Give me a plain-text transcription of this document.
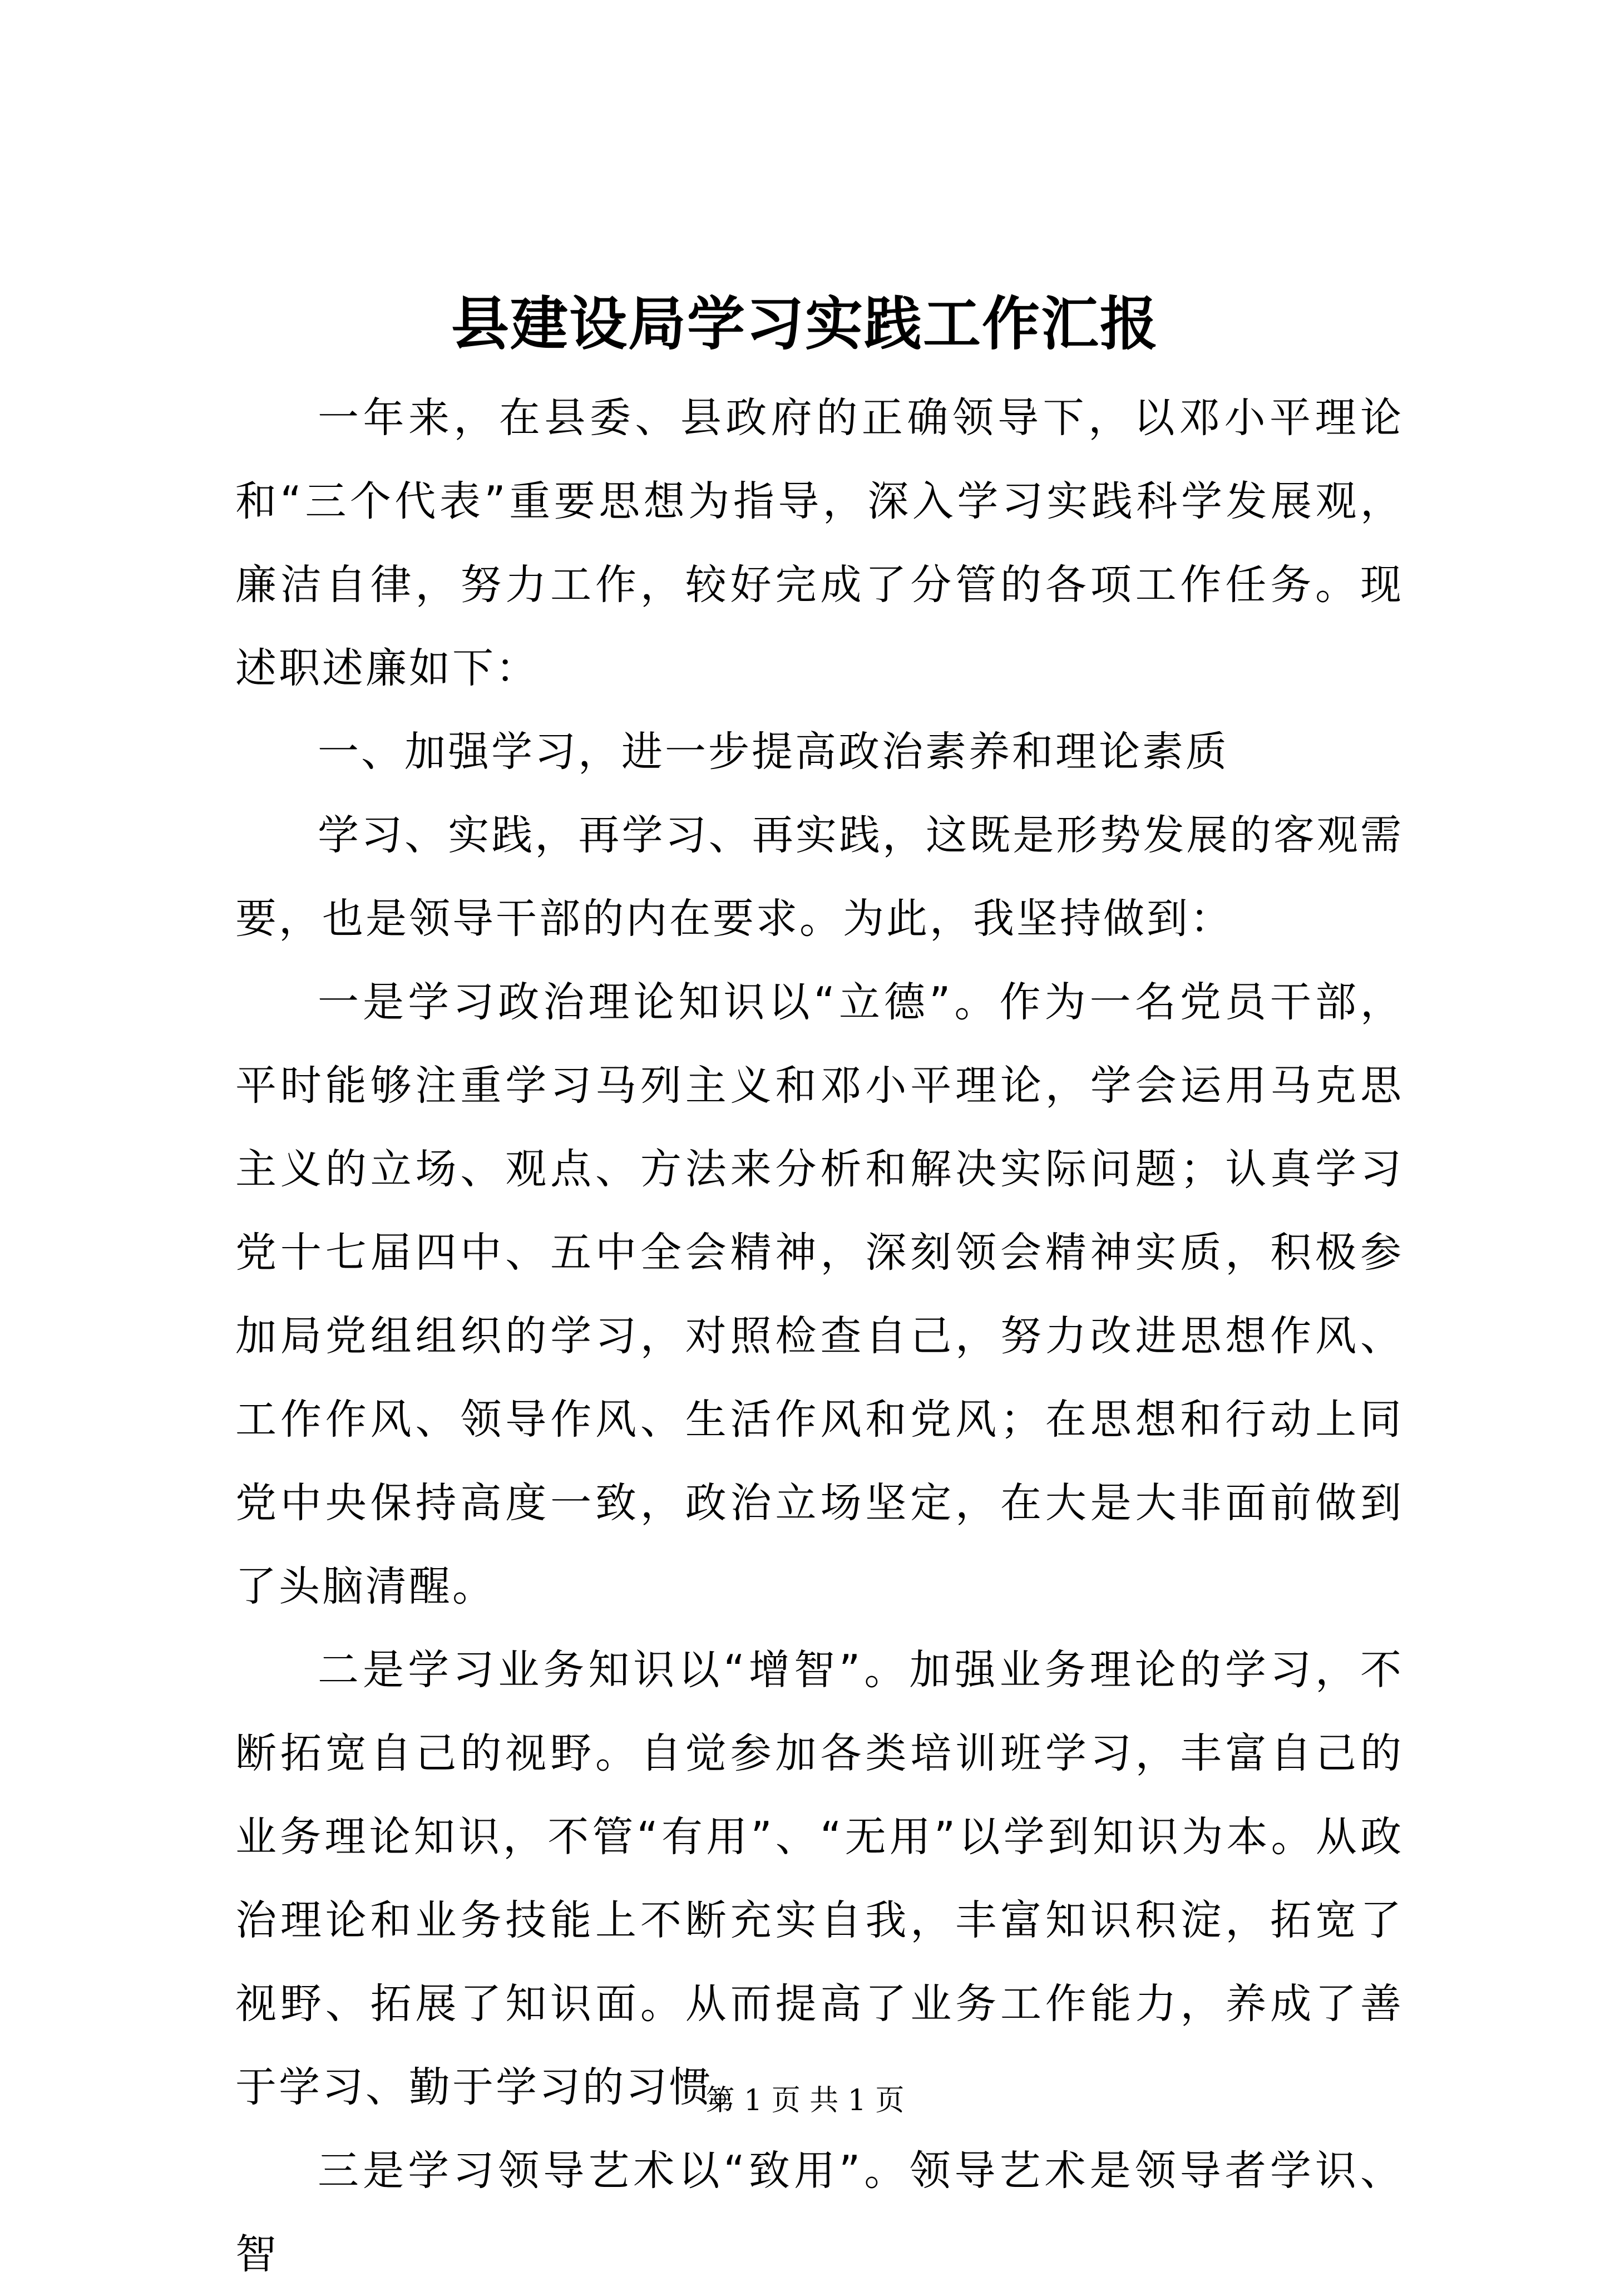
县建设局学习实践工作汇报

一年来，在县委、县政府的正确领导下，以邓小平理论和“三个代表”重要思想为指导，深入学习实践科学发展观，廉洁自律，努力工作，较好完成了分管的各项工作任务。现述职述廉如下：

一、加强学习，进一步提高政治素养和理论素质

学习、实践，再学习、再实践，这既是形势发展的客观需要，也是领导干部的内在要求。为此，我坚持做到：

一是学习政治理论知识以“立德”。作为一名党员干部，平时能够注重学习马列主义和邓小平理论，学会运用马克思主义的立场、观点、方法来分析和解决实际问题；认真学习党十七届四中、五中全会精神，深刻领会精神实质，积极参加局党组组织的学习，对照检查自己，努力改进思想作风、工作作风、领导作风、生活作风和党风；在思想和行动上同党中央保持高度一致，政治立场坚定，在大是大非面前做到了头脑清醒。

二是学习业务知识以“增智”。加强业务理论的学习，不断拓宽自己的视野。自觉参加各类培训班学习，丰富自己的业务理论知识，不管“有用”、“无用”以学到知识为本。从政治理论和业务技能上不断充实自我，丰富知识积淀，拓宽了视野、拓展了知识面。从而提高了业务工作能力，养成了善于学习、勤于学习的习惯。

三是学习领导艺术以“致用”。领导艺术是领导者学识、智

第 1 页 共 1 页
